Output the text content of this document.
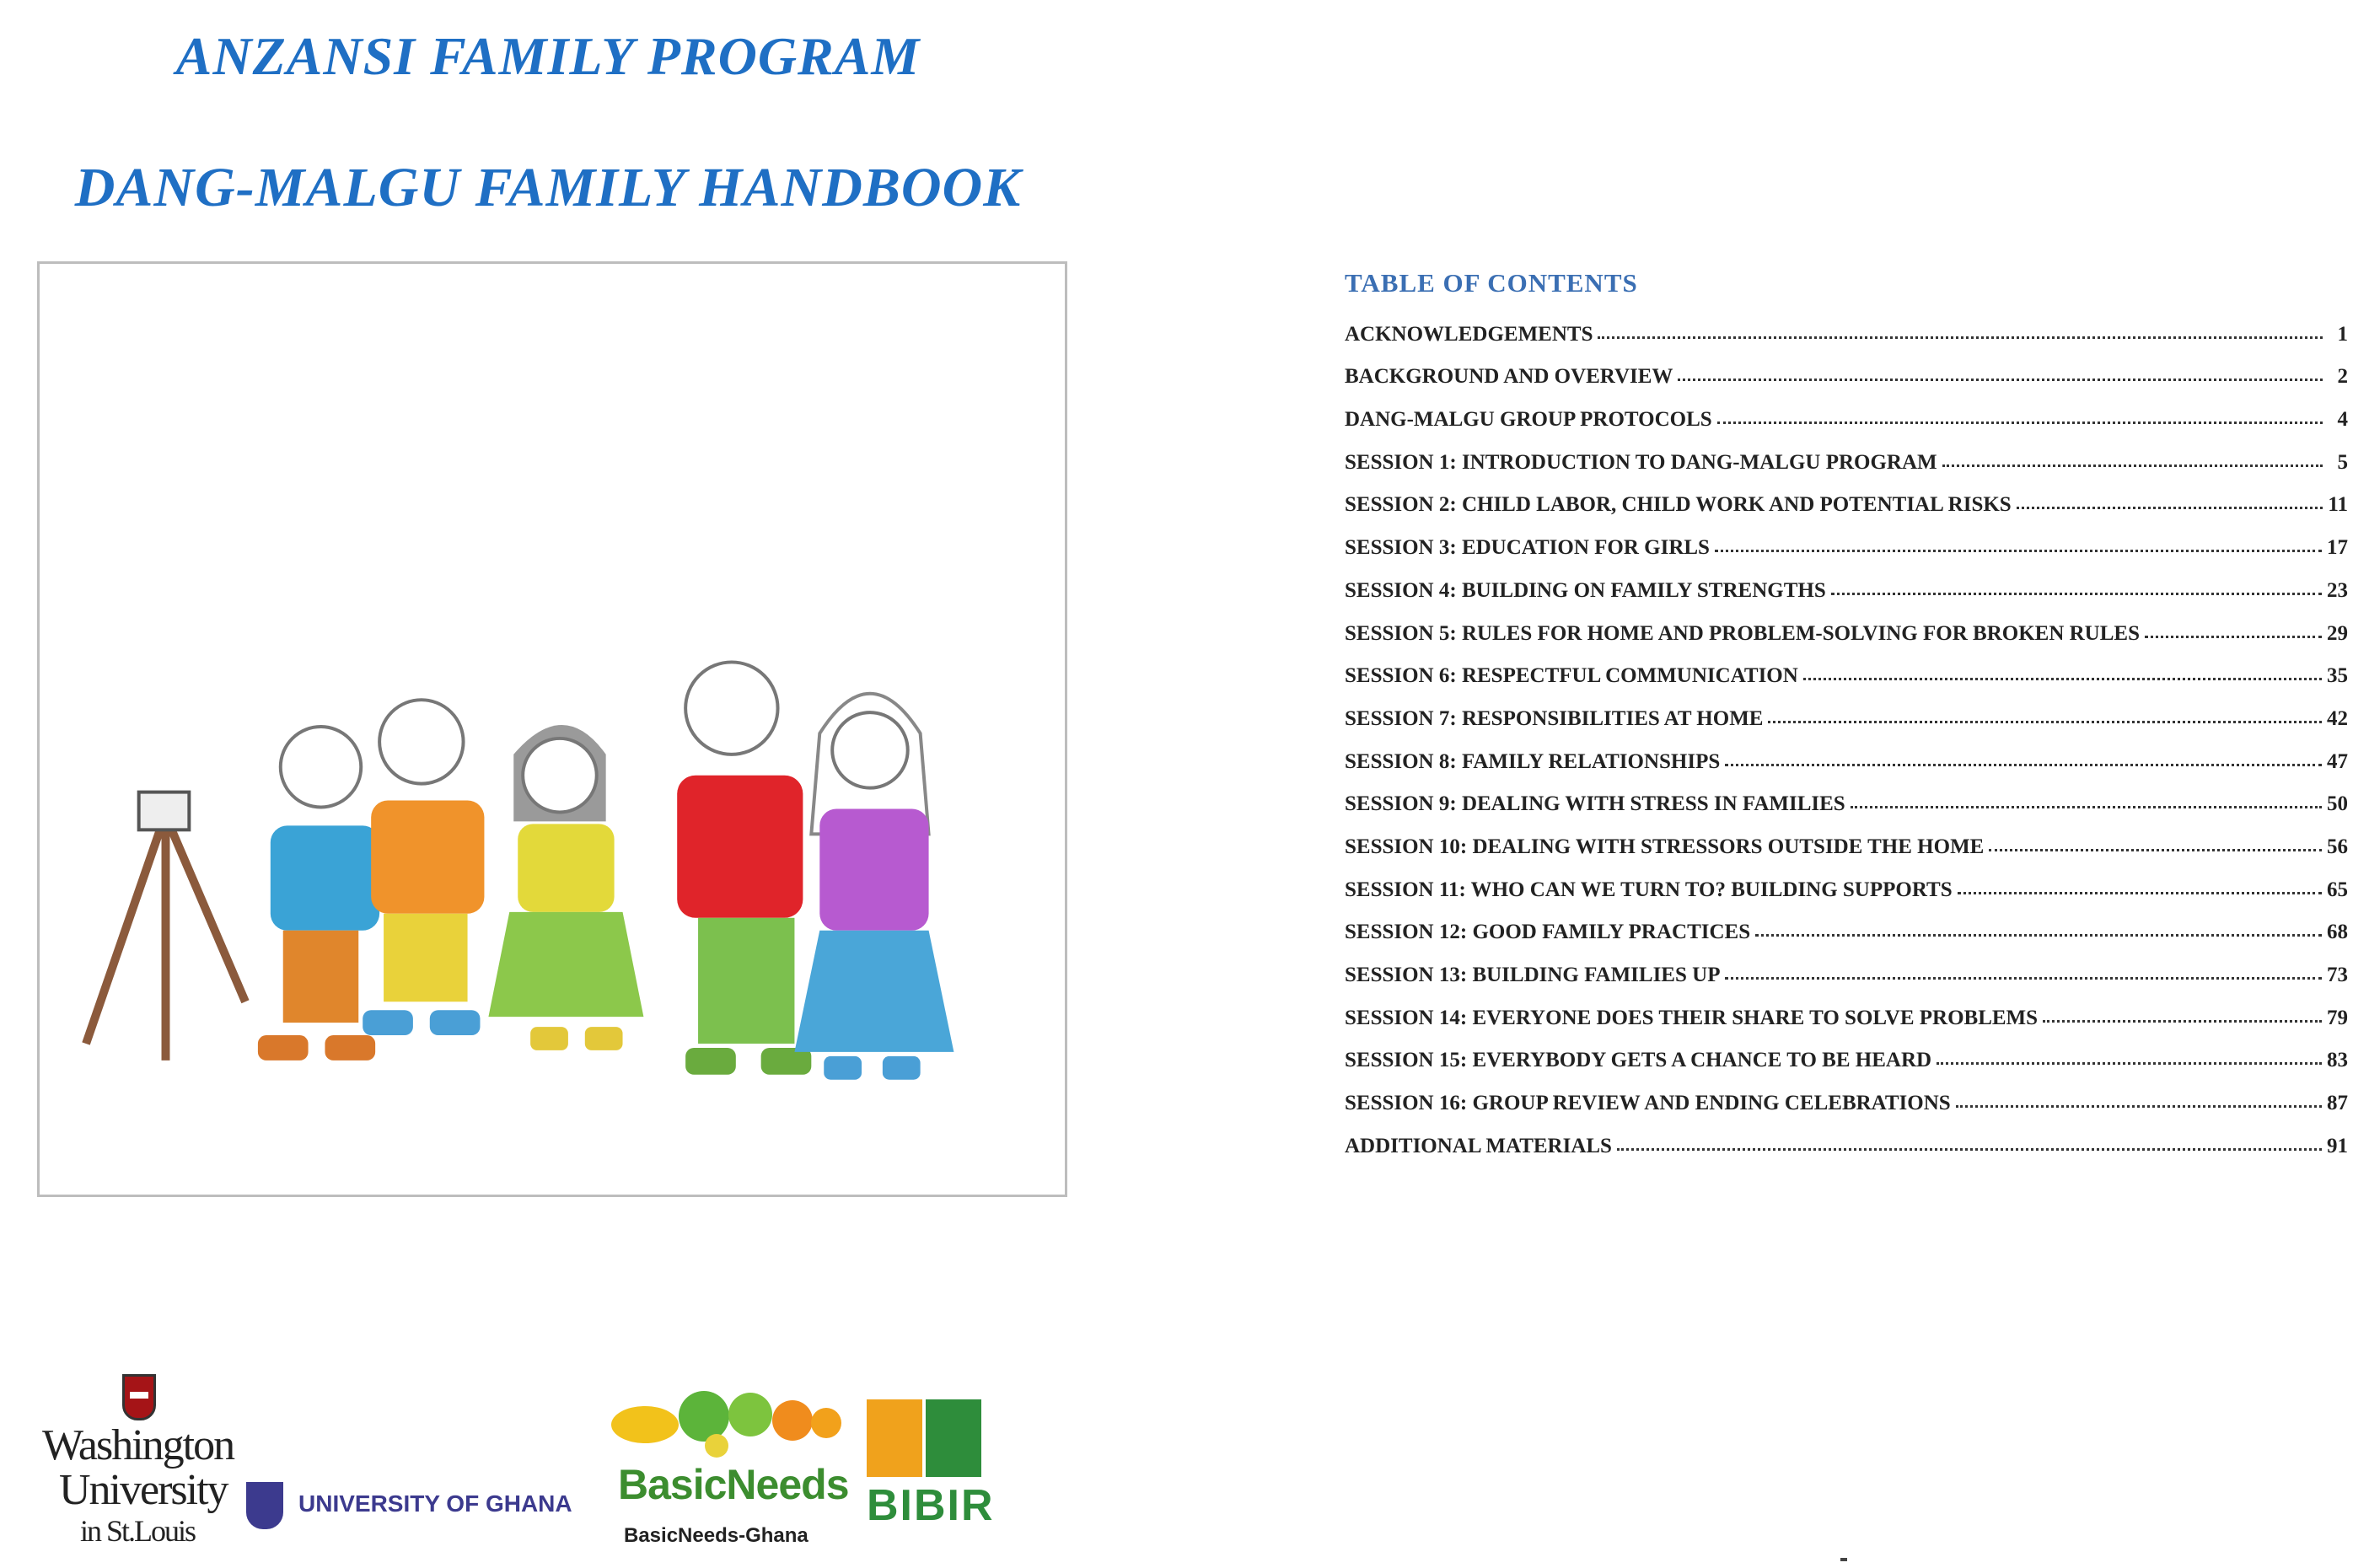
ANZANSI FAMILY PROGRAM
DANG-MALGU FAMILY HANDBOOK
TABLE OF CONTENTS
ACKNOWLEDGEMENTS	1
BACKGROUND AND OVERVIEW	2
DANG-MALGU GROUP PROTOCOLS	4
SESSION 1: INTRODUCTION TO DANG-MALGU PROGRAM	5
SESSION 2: CHILD LABOR, CHILD WORK AND POTENTIAL RISKS	11
SESSION 3: EDUCATION FOR GIRLS	17
SESSION 4: BUILDING ON FAMILY STRENGTHS	23
SESSION 5: RULES FOR HOME AND PROBLEM-SOLVING FOR BROKEN RULES	29
SESSION 6: RESPECTFUL COMMUNICATION	35
SESSION 7: RESPONSIBILITIES AT HOME	42
SESSION 8: FAMILY RELATIONSHIPS	47
SESSION 9: DEALING WITH STRESS IN FAMILIES	50
SESSION 10: DEALING WITH STRESSORS OUTSIDE THE HOME	56
SESSION 11: WHO CAN WE TURN TO? BUILDING SUPPORTS	65
SESSION 12: GOOD FAMILY PRACTICES	68
SESSION 13: BUILDING FAMILIES UP	73
SESSION 14: EVERYONE DOES THEIR SHARE TO SOLVE PROBLEMS	79
SESSION 15: EVERYBODY GETS A CHANCE TO BE HEARD	83
SESSION 16: GROUP REVIEW AND ENDING CELEBRATIONS	87
ADDITIONAL MATERIALS	91
Washington
University
in St.Louis
UNIVERSITY OF GHANA BasicNeeds
BasicNeeds-Ghana
BIBIR
